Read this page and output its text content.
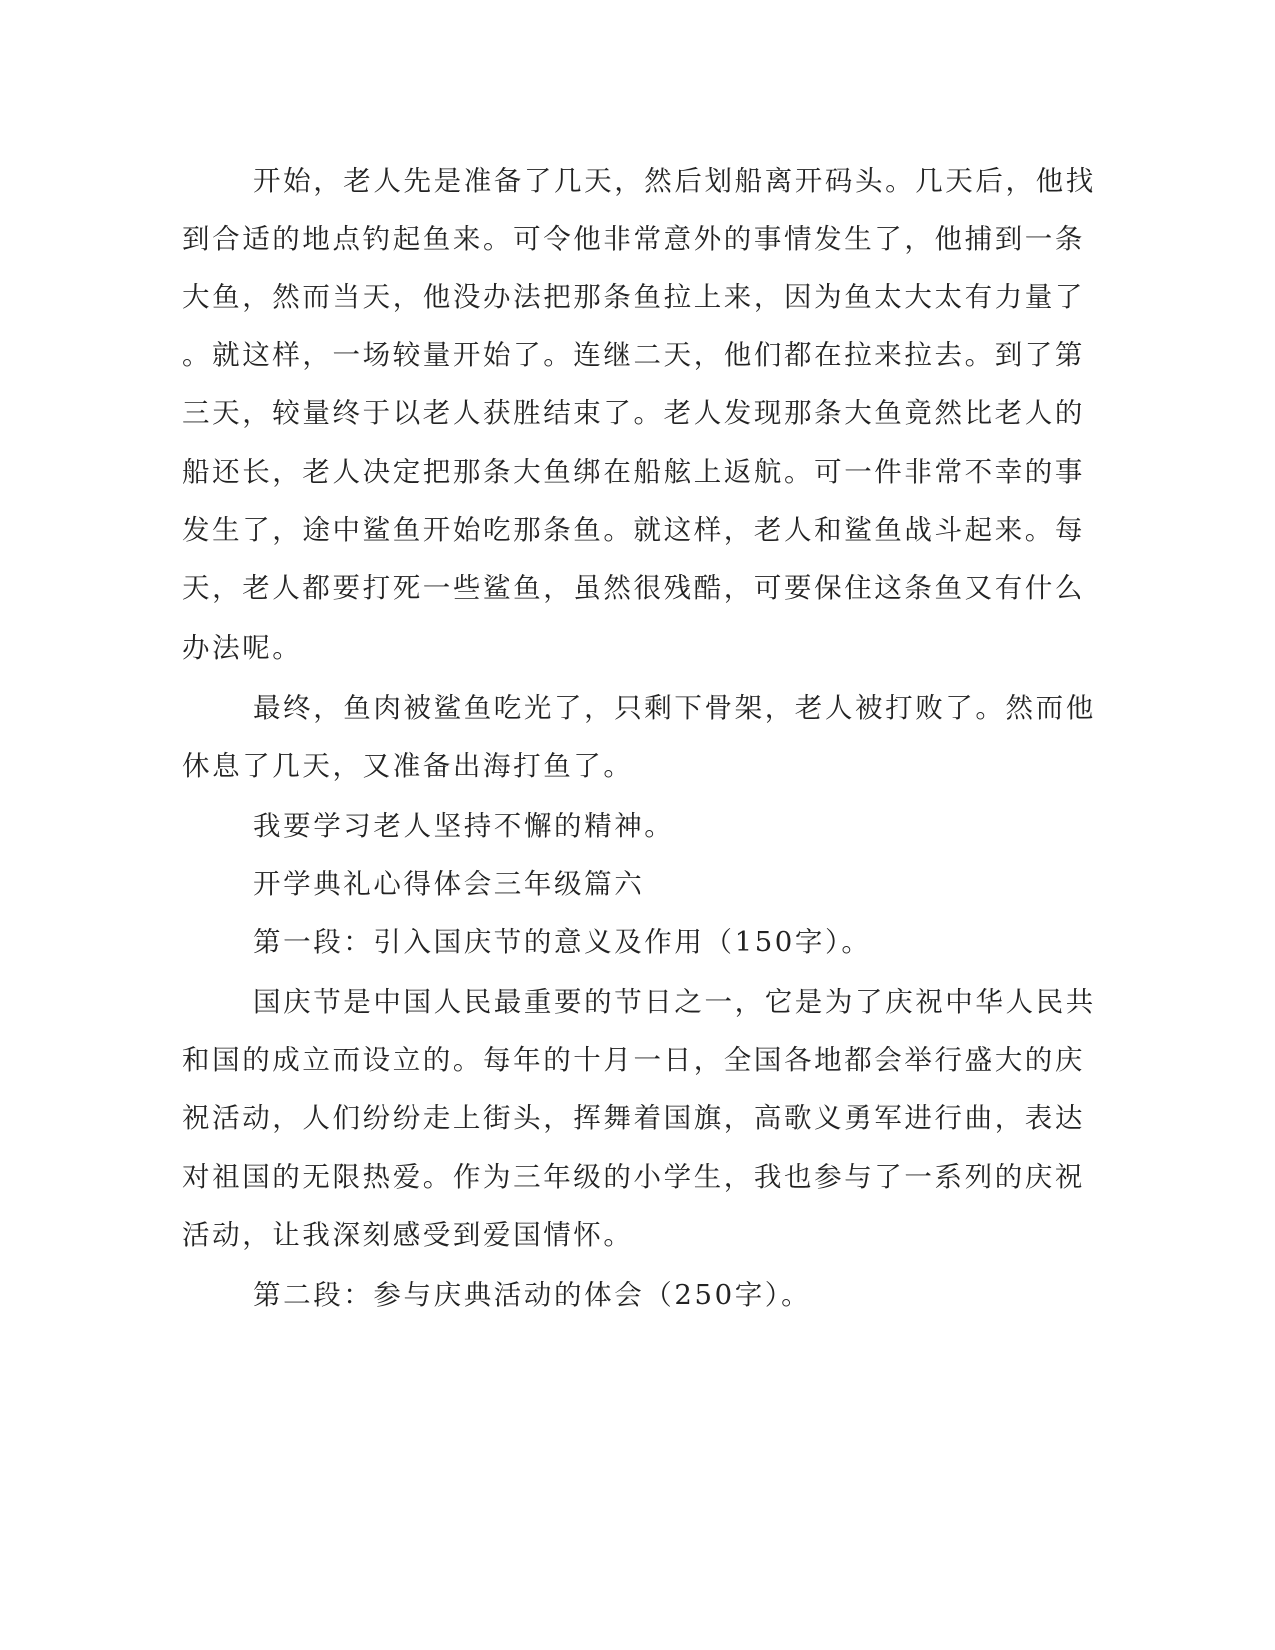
开始，老人先是准备了几天，然后划船离开码头。几天后，他找

到合适的地点钓起鱼来。可令他非常意外的事情发生了，他捕到一条

大鱼，然而当天，他没办法把那条鱼拉上来，因为鱼太大太有力量了

。就这样，一场较量开始了。连继二天，他们都在拉来拉去。到了第

三天，较量终于以老人获胜结束了。老人发现那条大鱼竟然比老人的

船还长，老人决定把那条大鱼绑在船舷上返航。可一件非常不幸的事

发生了，途中鲨鱼开始吃那条鱼。就这样，老人和鲨鱼战斗起来。每

天，老人都要打死一些鲨鱼，虽然很残酷，可要保住这条鱼又有什么

办法呢。

最终，鱼肉被鲨鱼吃光了，只剩下骨架，老人被打败了。然而他

休息了几天，又准备出海打鱼了。

我要学习老人坚持不懈的精神。

开学典礼心得体会三年级篇六

第一段：引入国庆节的意义及作用（150字）。

国庆节是中国人民最重要的节日之一，它是为了庆祝中华人民共

和国的成立而设立的。每年的十月一日，全国各地都会举行盛大的庆

祝活动，人们纷纷走上街头，挥舞着国旗，高歌义勇军进行曲，表达

对祖国的无限热爱。作为三年级的小学生，我也参与了一系列的庆祝

活动，让我深刻感受到爱国情怀。

第二段：参与庆典活动的体会（250字）。
